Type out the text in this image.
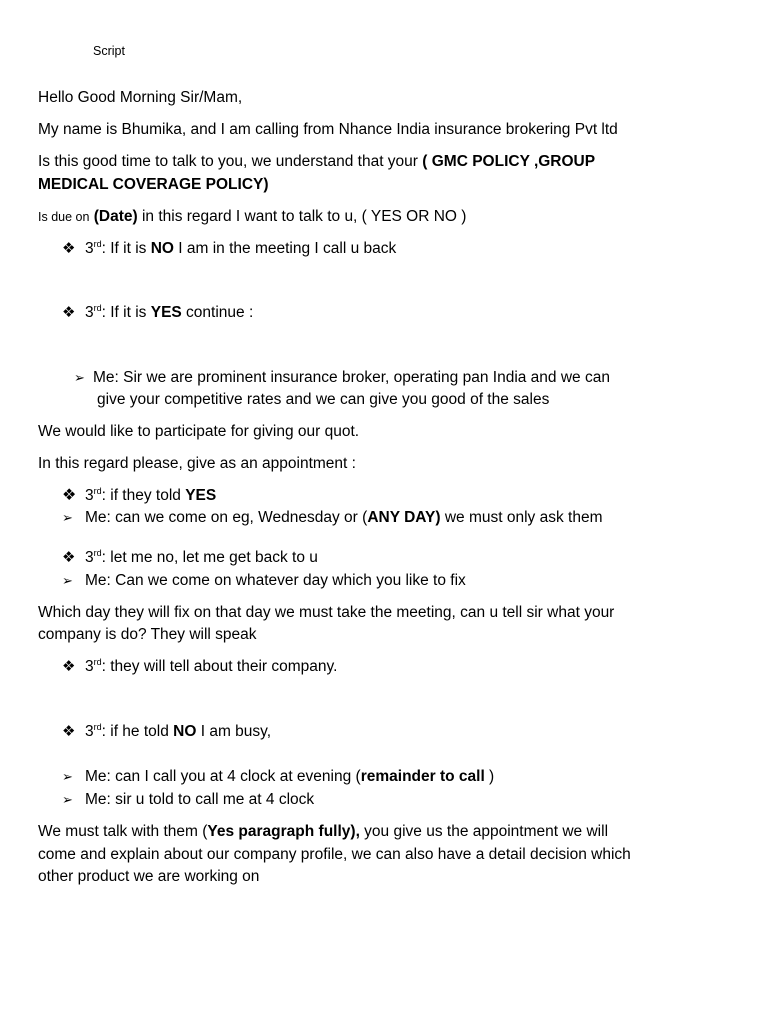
Script
Hello Good Morning Sir/Mam,
My name is Bhumika, and I am calling from Nhance India insurance brokering Pvt ltd
Is this good time to talk to you, we understand that your ( GMC POLICY ,GROUP
MEDICAL COVERAGE POLICY)
Is due on (Date) in this regard I want to talk to u, ( YES OR NO )
❖ 3rd: If it is NO I am in the meeting I call u back
❖ 3rd: If it is YES continue :
➢ Me: Sir we are prominent insurance broker, operating pan India and we can
give your competitive rates and we can give you good of the sales
We would like to participate for giving our quot.
In this regard please, give as an appointment :
❖ 3rd: if they told YES
➢ Me: can we come on eg, Wednesday or (ANY DAY) we must only ask them
❖ 3rd: let me no, let me get back to u
➢ Me: Can we come on whatever day which you like to fix
Which day they will fix on that day we must take the meeting, can u tell sir what your
company is do? They will speak
❖ 3rd: they will tell about their company.
❖ 3rd: if he told NO I am busy,
➢ Me: can I call you at 4 clock at evening (remainder to call )
➢ Me: sir u told to call me at 4 clock
We must talk with them (Yes paragraph fully), you give us the appointment we will
come and explain about our company profile, we can also have a detail decision which
other product we are working on
